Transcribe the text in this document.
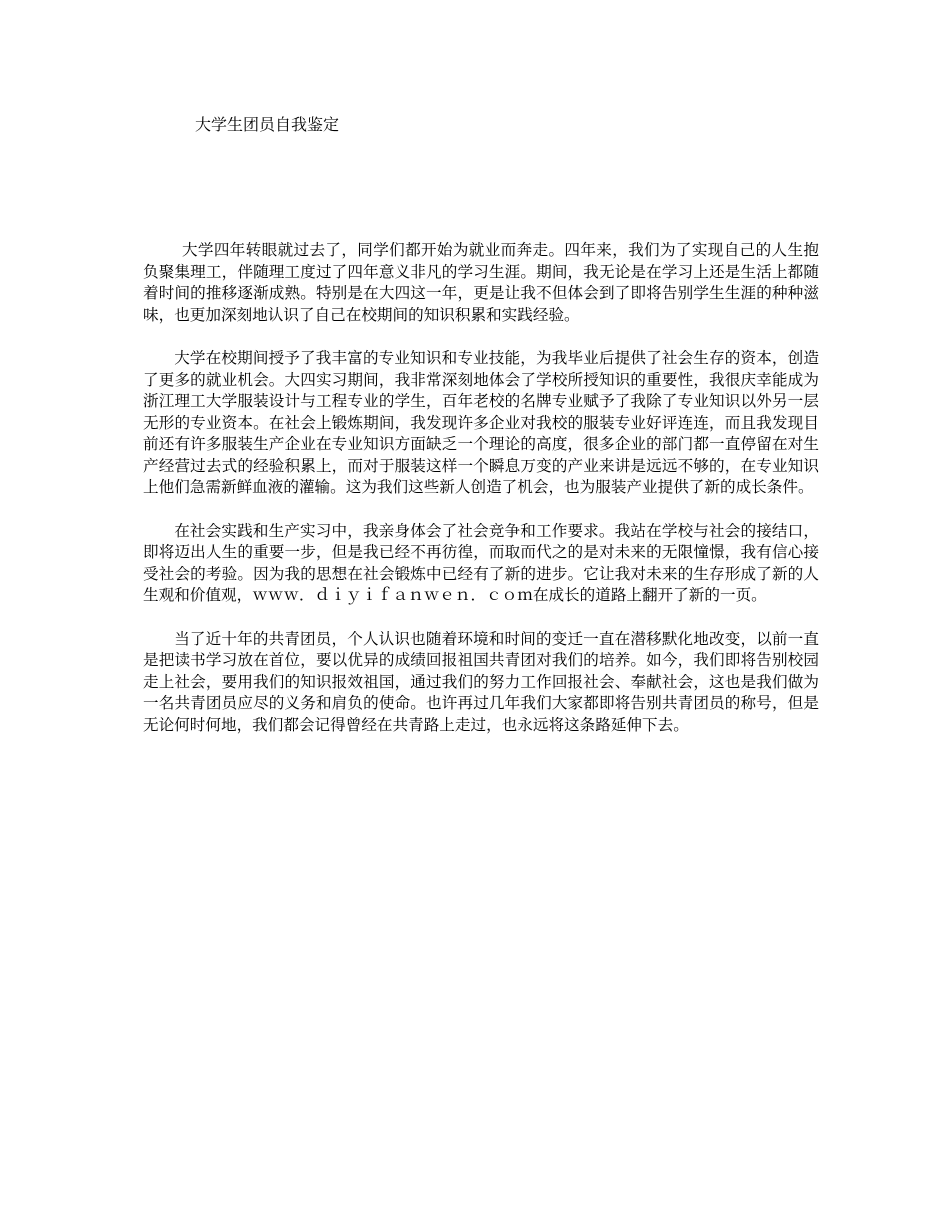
大学生团员自我鉴定

大学四年转眼就过去了，同学们都开始为就业而奔走。四年来，我们为了实现自己的人生抱负聚集理工，伴随理工度过了四年意义非凡的学习生涯。期间，我无论是在学习上还是生活上都随着时间的推移逐渐成熟。特别是在大四这一年，更是让我不但体会到了即将告别学生生涯的种种滋味，也更加深刻地认识了自己在校期间的知识积累和实践经验。

大学在校期间授予了我丰富的专业知识和专业技能，为我毕业后提供了社会生存的资本，创造了更多的就业机会。大四实习期间，我非常深刻地体会了学校所授知识的重要性，我很庆幸能成为浙江理工大学服装设计与工程专业的学生，百年老校的名牌专业赋予了我除了专业知识以外另一层无形的专业资本。在社会上锻炼期间，我发现许多企业对我校的服装专业好评连连，而且我发现目前还有许多服装生产企业在专业知识方面缺乏一个理论的高度，很多企业的部门都一直停留在对生产经营过去式的经验积累上，而对于服装这样一个瞬息万变的产业来讲是远远不够的，在专业知识上他们急需新鲜血液的灌输。这为我们这些新人创造了机会，也为服装产业提供了新的成长条件。

在社会实践和生产实习中，我亲身体会了社会竞争和工作要求。我站在学校与社会的接结口，即将迈出人生的重要一步，但是我已经不再彷徨，而取而代之的是对未来的无限憧憬，我有信心接受社会的考验。因为我的思想在社会锻炼中已经有了新的进步。它让我对未来的生存形成了新的人生观和价值观，ｗｗｗ．ｄｉｙｉｆａｎｗｅｎ．ｃｏｍ在成长的道路上翻开了新的一页。

当了近十年的共青团员，个人认识也随着环境和时间的变迁一直在潜移默化地改变，以前一直是把读书学习放在首位，要以优异的成绩回报祖国共青团对我们的培养。如今，我们即将告别校园走上社会，要用我们的知识报效祖国，通过我们的努力工作回报社会、奉献社会，这也是我们做为一名共青团员应尽的义务和肩负的使命。也许再过几年我们大家都即将告别共青团员的称号，但是无论何时何地，我们都会记得曾经在共青路上走过，也永远将这条路延伸下去。
